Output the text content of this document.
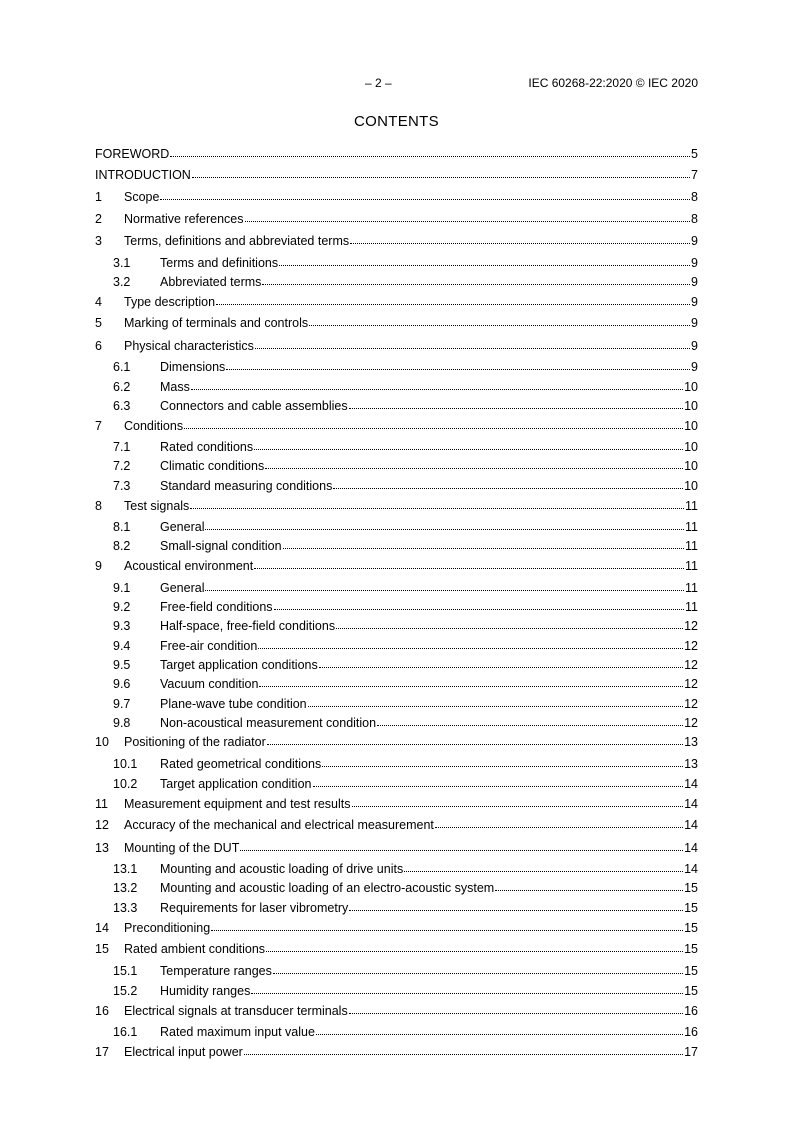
– 2 –	IEC 60268-22:2020 © IEC 2020
CONTENTS
FOREWORD	5
INTRODUCTION	7
1	Scope	8
2	Normative references	8
3	Terms, definitions and abbreviated terms	9
3.1	Terms and definitions	9
3.2	Abbreviated terms	9
4	Type description	9
5	Marking of terminals and controls	9
6	Physical characteristics	9
6.1	Dimensions	9
6.2	Mass	10
6.3	Connectors and cable assemblies	10
7	Conditions	10
7.1	Rated conditions	10
7.2	Climatic conditions	10
7.3	Standard measuring conditions	10
8	Test signals	11
8.1	General	11
8.2	Small-signal condition	11
9	Acoustical environment	11
9.1	General	11
9.2	Free-field conditions	11
9.3	Half-space, free-field conditions	12
9.4	Free-air condition	12
9.5	Target application conditions	12
9.6	Vacuum condition	12
9.7	Plane-wave tube condition	12
9.8	Non-acoustical measurement condition	12
10	Positioning of the radiator	13
10.1	Rated geometrical conditions	13
10.2	Target application condition	14
11	Measurement equipment and test results	14
12	Accuracy of the mechanical and electrical measurement	14
13	Mounting of the DUT	14
13.1	Mounting and acoustic loading of drive units	14
13.2	Mounting and acoustic loading of an electro-acoustic system	15
13.3	Requirements for laser vibrometry	15
14	Preconditioning	15
15	Rated ambient conditions	15
15.1	Temperature ranges	15
15.2	Humidity ranges	15
16	Electrical signals at transducer terminals	16
16.1	Rated maximum input value	16
17	Electrical input power	17
